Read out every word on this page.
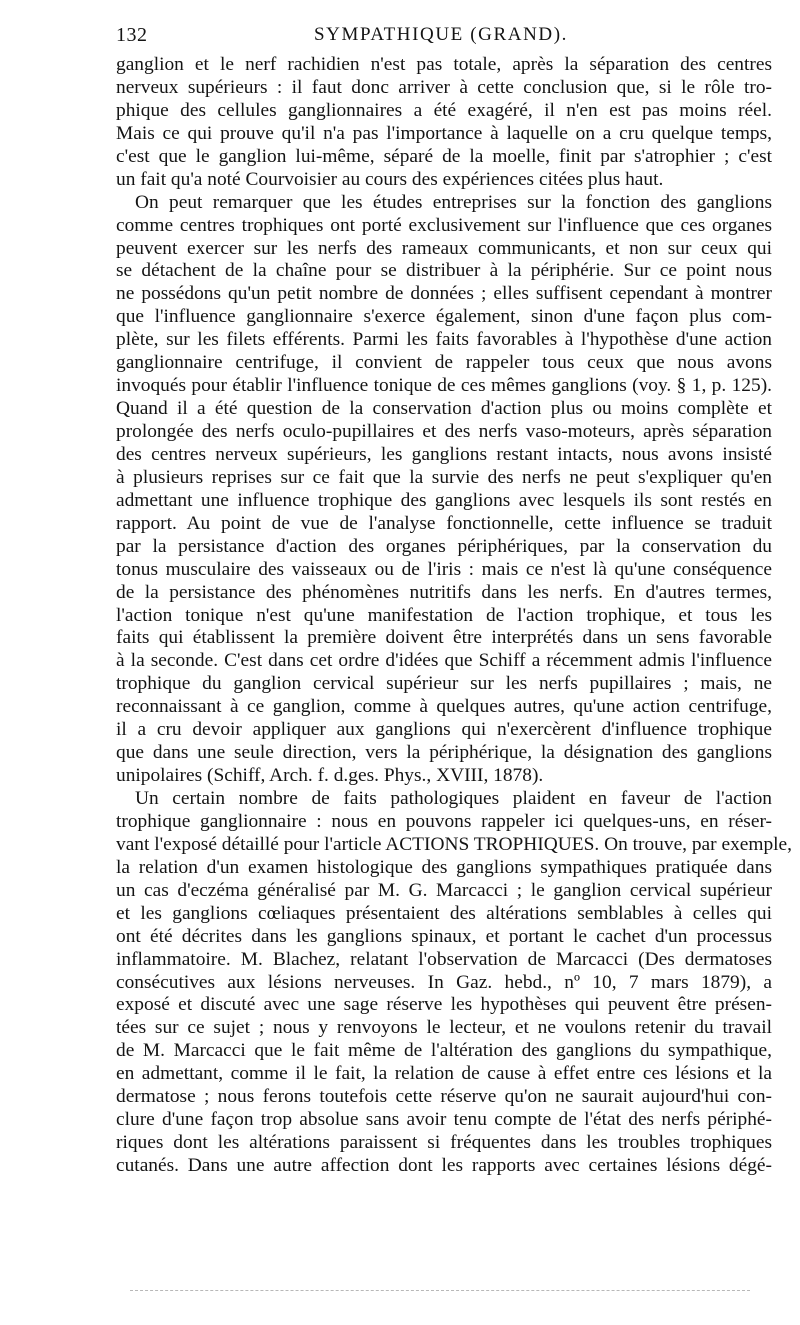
132	SYMPATHIQUE (GRAND).
ganglion et le nerf rachidien n'est pas totale, après la séparation des centres
nerveux supérieurs : il faut donc arriver à cette conclusion que, si le rôle tro-
phique des cellules ganglionnaires a été exagéré, il n'en est pas moins réel.
Mais ce qui prouve qu'il n'a pas l'importance à laquelle on a cru quelque temps,
c'est que le ganglion lui-même, séparé de la moelle, finit par s'atrophier ; c'est
un fait qu'a noté Courvoisier au cours des expériences citées plus haut.
On peut remarquer que les études entreprises sur la fonction des ganglions
comme centres trophiques ont porté exclusivement sur l'influence que ces organes
peuvent exercer sur les nerfs des rameaux communicants, et non sur ceux qui
se détachent de la chaîne pour se distribuer à la périphérie. Sur ce point nous
ne possédons qu'un petit nombre de données ; elles suffisent cependant à montrer
que l'influence ganglionnaire s'exerce également, sinon d'une façon plus com-
plète, sur les filets efférents. Parmi les faits favorables à l'hypothèse d'une action
ganglionnaire centrifuge, il convient de rappeler tous ceux que nous avons
invoqués pour établir l'influence tonique de ces mêmes ganglions (voy. § 1, p. 125).
Quand il a été question de la conservation d'action plus ou moins complète et
prolongée des nerfs oculo-pupillaires et des nerfs vaso-moteurs, après séparation
des centres nerveux supérieurs, les ganglions restant intacts, nous avons insisté
à plusieurs reprises sur ce fait que la survie des nerfs ne peut s'expliquer qu'en
admettant une influence trophique des ganglions avec lesquels ils sont restés en
rapport. Au point de vue de l'analyse fonctionnelle, cette influence se traduit
par la persistance d'action des organes périphériques, par la conservation du
tonus musculaire des vaisseaux ou de l'iris : mais ce n'est là qu'une conséquence
de la persistance des phénomènes nutritifs dans les nerfs. En d'autres termes,
l'action tonique n'est qu'une manifestation de l'action trophique, et tous les
faits qui établissent la première doivent être interprétés dans un sens favorable
à la seconde. C'est dans cet ordre d'idées que Schiff a récemment admis l'influence
trophique du ganglion cervical supérieur sur les nerfs pupillaires ; mais, ne
reconnaissant à ce ganglion, comme à quelques autres, qu'une action centrifuge,
il a cru devoir appliquer aux ganglions qui n'exercèrent d'influence trophique
que dans une seule direction, vers la périphérique, la désignation des ganglions
unipolaires (Schiff, Arch. f. d.ges. Phys., XVIII, 1878).
Un certain nombre de faits pathologiques plaident en faveur de l'action
trophique ganglionnaire : nous en pouvons rappeler ici quelques-uns, en réser-
vant l'exposé détaillé pour l'article ACTIONS TROPHIQUES. On trouve, par exemple,
la relation d'un examen histologique des ganglions sympathiques pratiquée dans
un cas d'eczéma généralisé par M. G. Marcacci ; le ganglion cervical supérieur
et les ganglions cœliaques présentaient des altérations semblables à celles qui
ont été décrites dans les ganglions spinaux, et portant le cachet d'un processus
inflammatoire. M. Blachez, relatant l'observation de Marcacci (Des dermatoses
consécutives aux lésions nerveuses. In Gaz. hebd., nº 10, 7 mars 1879), a
exposé et discuté avec une sage réserve les hypothèses qui peuvent être présen-
tées sur ce sujet ; nous y renvoyons le lecteur, et ne voulons retenir du travail
de M. Marcacci que le fait même de l'altération des ganglions du sympathique,
en admettant, comme il le fait, la relation de cause à effet entre ces lésions et la
dermatose ; nous ferons toutefois cette réserve qu'on ne saurait aujourd'hui con-
clure d'une façon trop absolue sans avoir tenu compte de l'état des nerfs périphé-
riques dont les altérations paraissent si fréquentes dans les troubles trophiques
cutanés. Dans une autre affection dont les rapports avec certaines lésions dégé-
